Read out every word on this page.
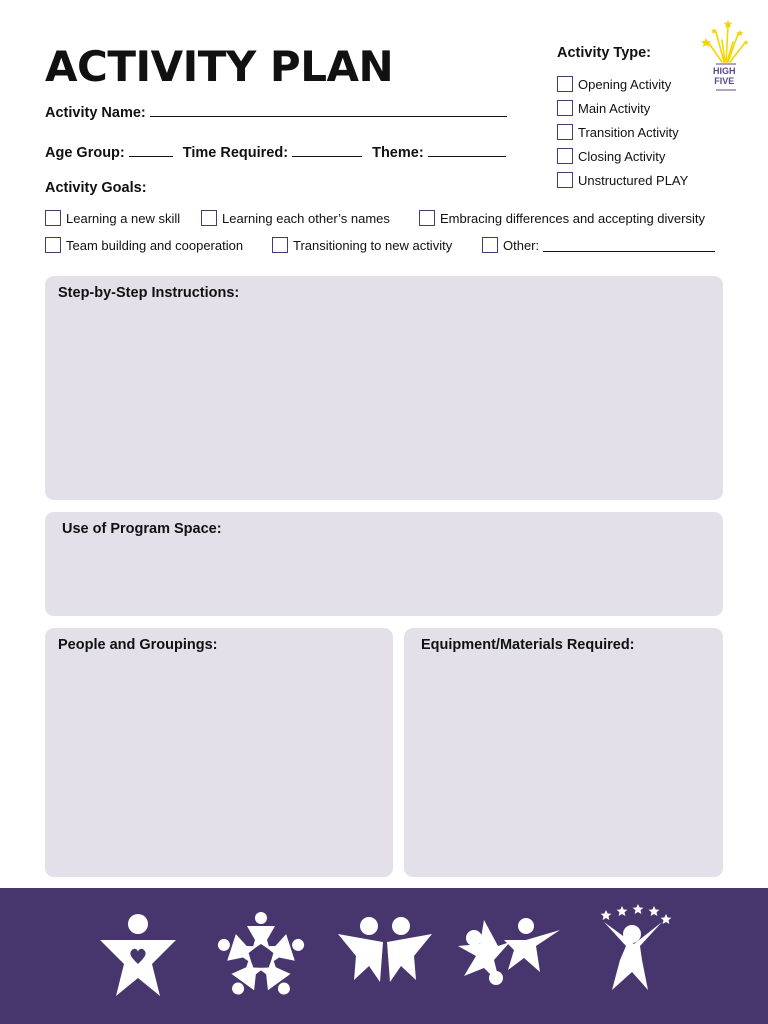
ACTIVITY PLAN
Activity Name:
Age Group:	Time Required:	Theme:
Activity Type:
Opening Activity
Main Activity
Transition Activity
Closing Activity
Unstructured PLAY
HIGH
FIVE
Activity Goals:
Learning a new skill	Learning each other’s names	Embracing differences and accepting diversity
Team building and cooperation	Transitioning to new activity	Other:
Step-by-Step Instructions:
Use of Program Space:
People and Groupings:	Equipment/Materials Required:
